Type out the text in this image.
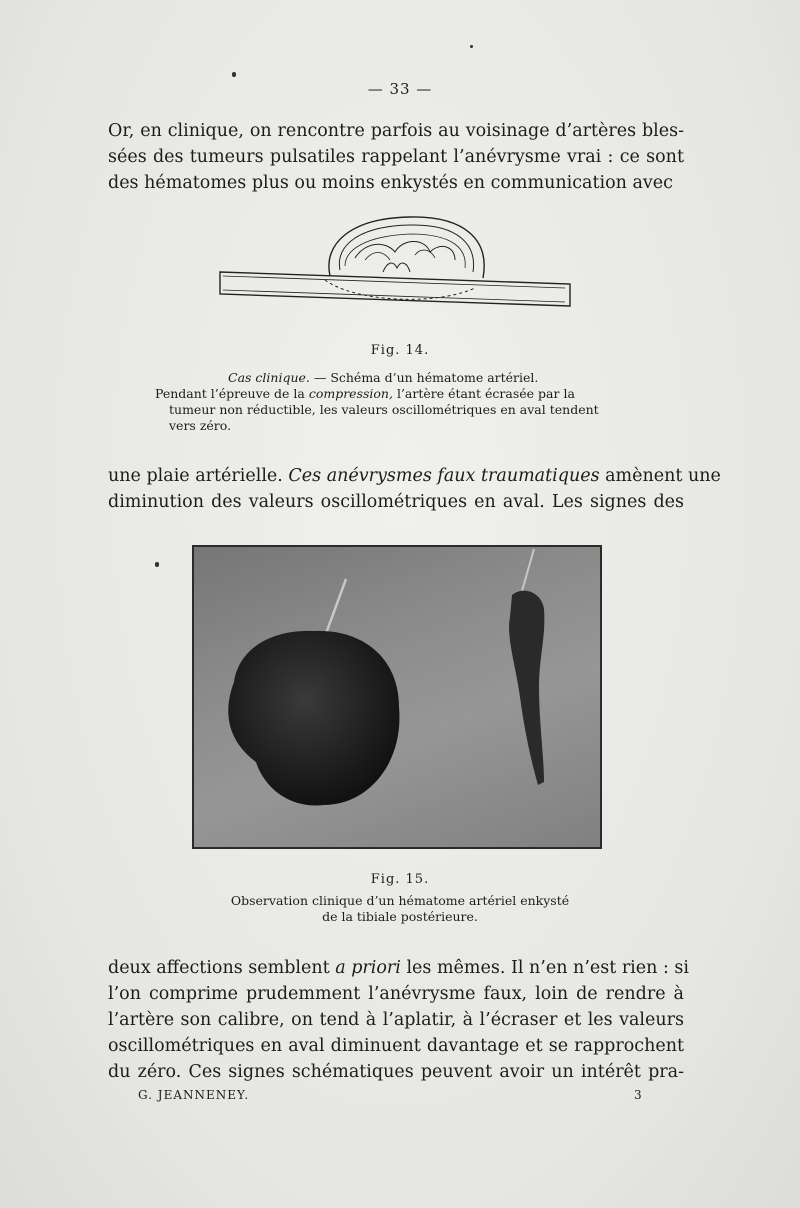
— 33 —
Or, en clinique, on rencontre parfois au voisinage d’artères bles-
sées des tumeurs pulsatiles rappelant l’anévrysme vrai : ce sont
des hématomes plus ou moins enkystés en communication avec
Fig. 14.
Cas clinique. — Schéma d’un hématome artériel.
Pendant l’épreuve de la compression, l’artère étant écrasée par la
tumeur non réductible, les valeurs oscillométriques en aval tendent
vers zéro.
une plaie artérielle. Ces anévrysmes faux traumatiques amènent une
diminution des valeurs oscillométriques en aval. Les signes des
Fig. 15.
Observation clinique d’un hématome artériel enkysté
de la tibiale postérieure.
deux affections semblent a priori les mêmes. Il n’en n’est rien : si
l’on comprime prudemment l’anévrysme faux, loin de rendre à
l’artère son calibre, on tend à l’aplatir, à l’écraser et les valeurs
oscillométriques en aval diminuent davantage et se rapprochent
du zéro. Ces signes schématiques peuvent avoir un intérêt pra-
G. JEANNENEY.	3
